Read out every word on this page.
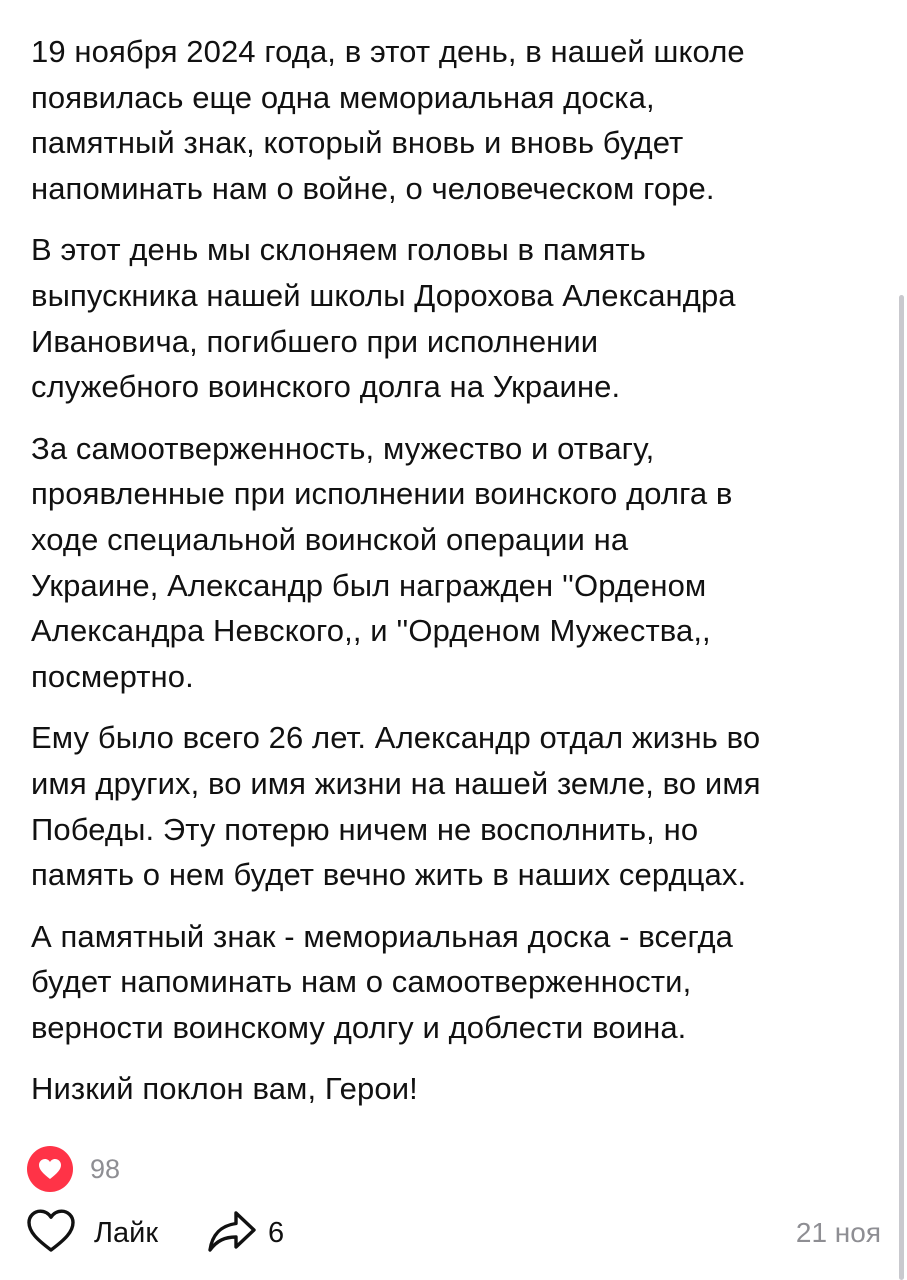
19 ноября 2024 года, в этот день, в нашей школе
появилась еще одна мемориальная доска,
памятный знак, который вновь и вновь будет
напоминать нам о войне, о человеческом горе.

В этот день мы склоняем головы в память
выпускника нашей школы Дорохова Александра
Ивановича, погибшего при исполнении
служебного воинского долга на Украине.

За самоотверженность, мужество и отвагу,
проявленные при исполнении воинского долга в
ходе специальной воинской операции на
Украине, Александр был награжден ''Орденом
Александра Невского,, и ''Орденом Мужества,,
посмертно.

Ему было всего 26 лет. Александр отдал жизнь во
имя других, во имя жизни на нашей земле, во имя
Победы. Эту потерю ничем не восполнить, но
память о нем будет вечно жить в наших сердцах.

А памятный знак - мемориальная доска - всегда
будет напоминать нам о самоотверженности,
верности воинскому долгу и доблести воина.

Низкий поклон вам, Герои!

98
Лайк	6	21 ноя
